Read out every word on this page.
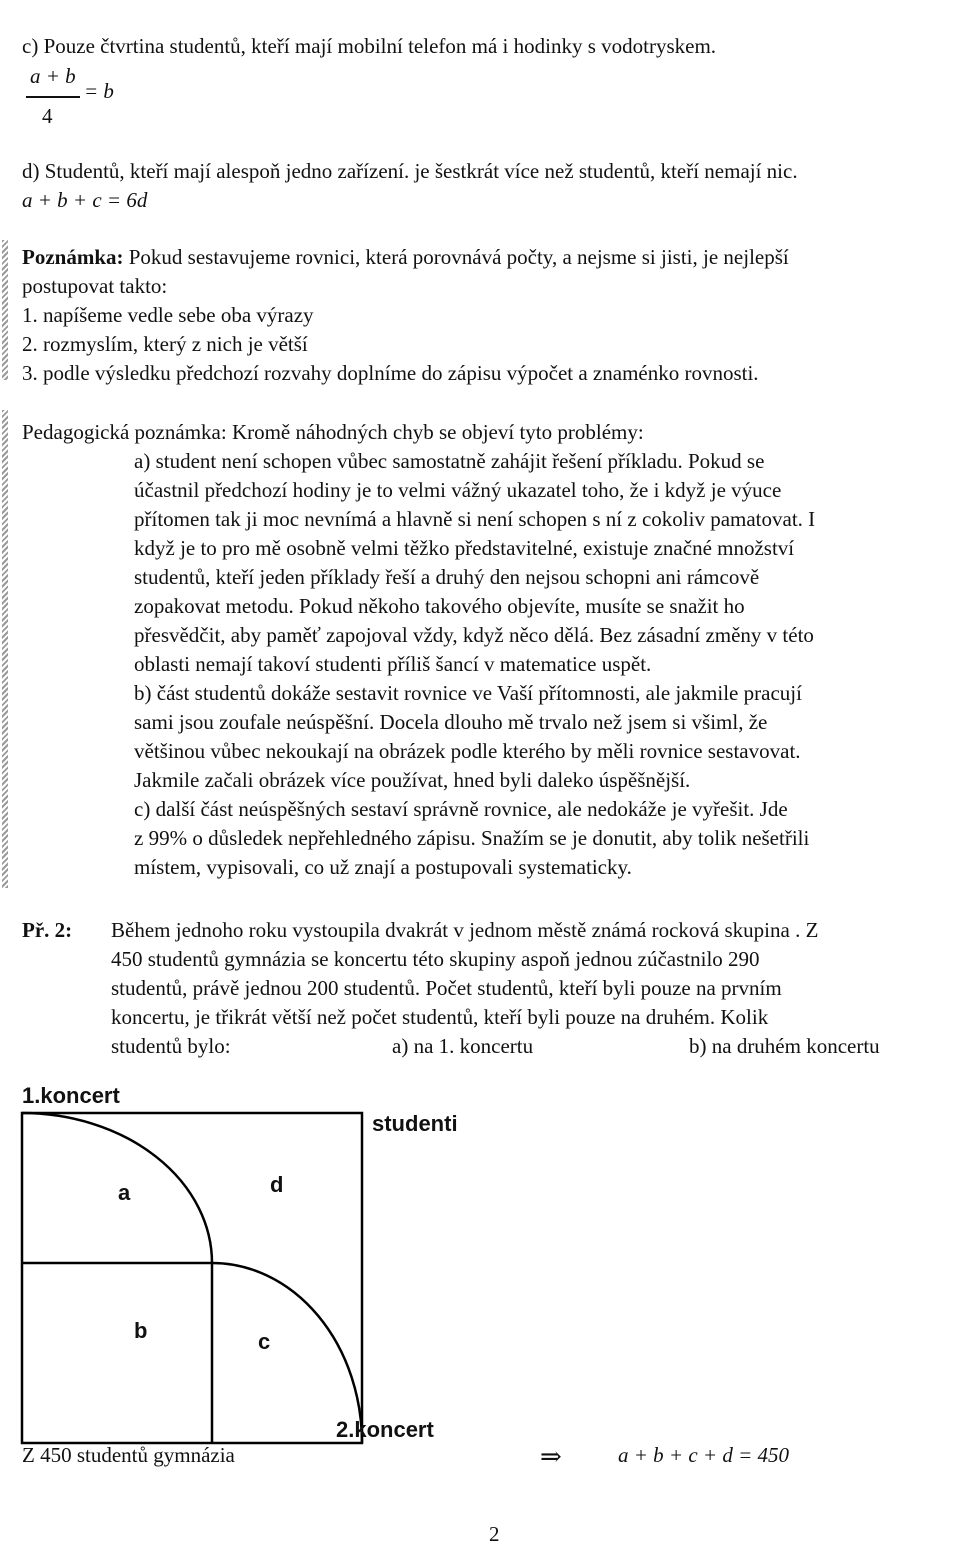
c) Pouze čtvrtina studentů, kteří mají mobilní telefon má i hodinky s vodotryskem.
a + b
4
= b
d) Studentů, kteří mají alespoň jedno zařízení. je šestkrát více než studentů, kteří nemají nic.
a + b + c = 6d
Poznámka: Pokud sestavujeme rovnici, která porovnává počty, a nejsme si jisti, je nejlepší
postupovat takto:
1. napíšeme vedle sebe oba výrazy
2. rozmyslím, který z nich je větší
3. podle výsledku předchozí rozvahy doplníme do zápisu výpočet a znaménko rovnosti.
Pedagogická poznámka: Kromě náhodných chyb se objeví tyto problémy:

a) student není schopen vůbec samostatně zahájit řešení příkladu. Pokud se

účastnil předchozí hodiny je to velmi vážný ukazatel toho, že i když je výuce

přítomen tak ji moc nevnímá a hlavně si není schopen s ní z cokoliv pamatovat. I

když je to pro mě osobně velmi těžko představitelné, existuje značné množství

studentů, kteří jeden příklady řeší a druhý den nejsou schopni ani rámcově

zopakovat metodu. Pokud někoho takového objevíte, musíte se snažit ho

přesvědčit, aby paměť zapojoval vždy, když něco dělá. Bez zásadní změny v této

oblasti nemají takoví studenti příliš šancí v matematice uspět.

b) část studentů dokáže sestavit rovnice ve Vaší přítomnosti, ale jakmile pracují

sami jsou zoufale neúspěšní. Docela dlouho mě trvalo než jsem si všiml, že

většinou vůbec nekoukají na obrázek podle kterého by měli rovnice sestavovat.

Jakmile začali obrázek více používat, hned byli daleko úspěšnější.

c) další část neúspěšných sestaví správně rovnice, ale nedokáže je vyřešit. Jde

z 99% o důsledek nepřehledného zápisu. Snažím se je donutit, aby tolik nešetřili

místem, vypisovali, co už znají a postupovali systematicky.

Př. 2: Během jednoho roku vystoupila dvakrát v jednom městě známá rocková skupina . Z

450 studentů gymnázia se koncertu této skupiny aspoň jednou zúčastnilo 290

studentů, právě jednou 200 studentů. Počet studentů, kteří byli pouze na prvním

koncertu, je třikrát větší než počet studentů, kteří byli pouze na druhém. Kolik

studentů bylo:	a) na 1. koncertu	b) na druhém koncertu
1.koncert
studenti
a	d
b	c
2.koncert
Z 450 studentů gymnázia	⇒	a + b + c + d = 450
2
